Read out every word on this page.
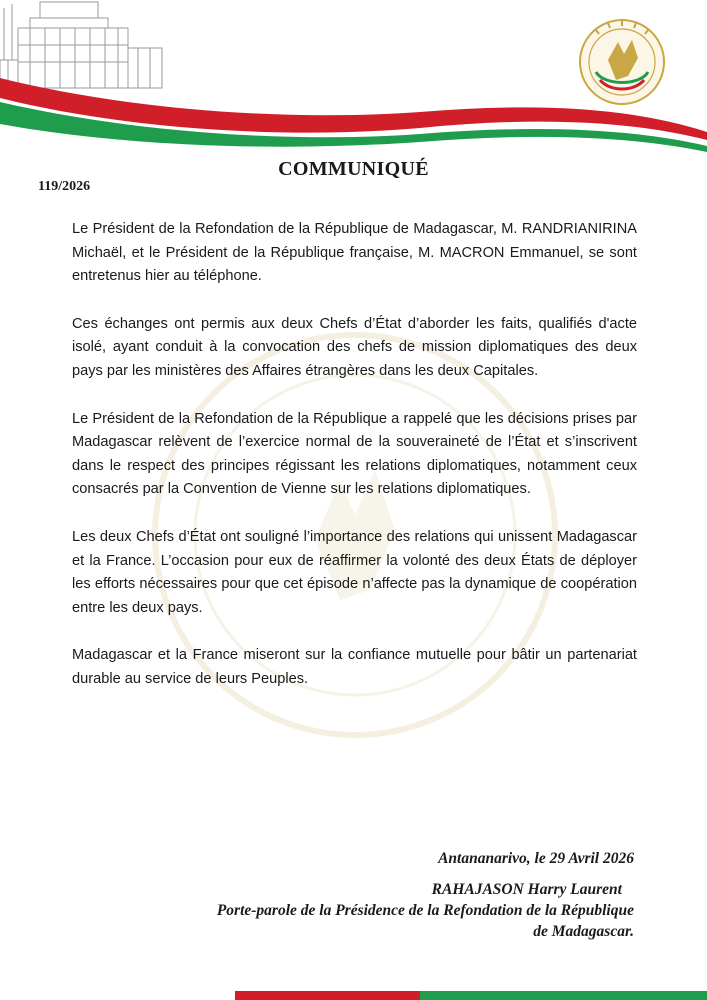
COMMUNIQUÉ
119/2026

Le Président de la Refondation de la République de Madagascar, M. RANDRIANIRINA Michaël, et le Président de la République française, M. MACRON Emmanuel, se sont entretenus hier au téléphone.

Ces échanges ont permis aux deux Chefs d’État d’aborder les faits, qualifiés d'acte isolé, ayant conduit à la convocation des chefs de mission diplomatiques des deux pays par les ministères des Affaires étrangères dans les deux Capitales.

Le Président de la Refondation de la République a rappelé que les décisions prises par Madagascar relèvent de l’exercice normal de la souveraineté de l’État et s’inscrivent dans le respect des principes régissant les relations diplomatiques, notamment ceux consacrés par la Convention de Vienne sur les relations diplomatiques.

Les deux Chefs d’État ont souligné l’importance des relations qui unissent Madagascar et la France. L’occasion pour eux de réaffirmer la volonté des deux États de déployer les efforts nécessaires pour que cet épisode n’affecte pas la dynamique de coopération entre les deux pays.

Madagascar et la France miseront sur la confiance mutuelle pour bâtir un partenariat durable au service de leurs Peuples.

Antananarivo, le 29 Avril 2026
RAHAJASON Harry Laurent
Porte-parole de la Présidence de la Refondation de la République
de Madagascar.
